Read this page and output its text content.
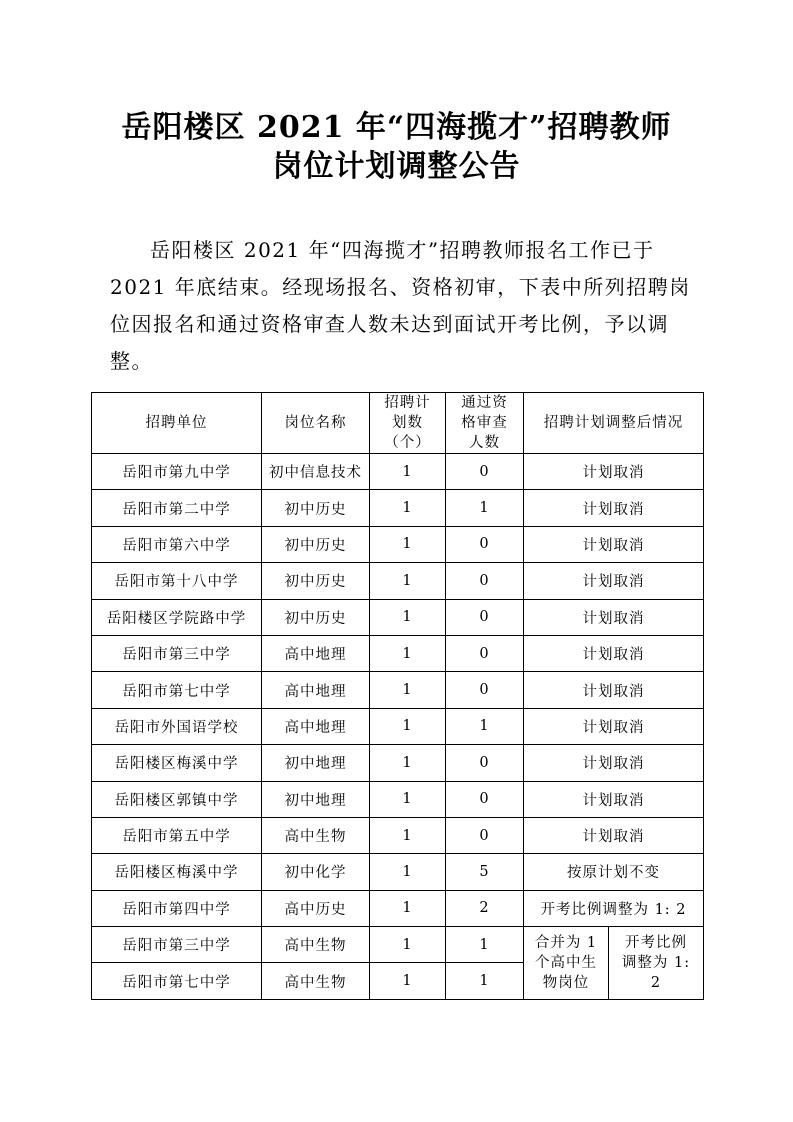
岳阳楼区 2021 年“四海揽才”招聘教师
岗位计划调整公告
岳阳楼区 2021 年“四海揽才”招聘教师报名工作已于
2021 年底结束。经现场报名、资格初审，下表中所列招聘岗
位因报名和通过资格审查人数未达到面试开考比例，予以调
整。
招聘单位	岗位名称	招聘计划数（个）	通过资格审查人数	招聘计划调整后情况	
岳阳市第九中学	初中信息技术	1	0	计划取消	
岳阳市第二中学	初中历史	1	1	计划取消	
岳阳市第六中学	初中历史	1	0	计划取消	
岳阳市第十八中学	初中历史	1	0	计划取消	
岳阳楼区学院路中学	初中历史	1	0	计划取消	
岳阳市第三中学	高中地理	1	0	计划取消	
岳阳市第七中学	高中地理	1	0	计划取消	
岳阳市外国语学校	高中地理	1	1	计划取消	
岳阳楼区梅溪中学	初中地理	1	0	计划取消	
岳阳楼区郭镇中学	初中地理	1	0	计划取消	
岳阳市第五中学	高中生物	1	0	计划取消	
岳阳楼区梅溪中学	初中化学	1	5	按原计划不变	
岳阳市第四中学	高中历史	1	2	开考比例调整为 1: 2	
岳阳市第三中学	高中生物	1	1	合并为 1 个高中生物岗位	开考比例调整为 1: 2
岳阳市第七中学	高中生物	1	1		
